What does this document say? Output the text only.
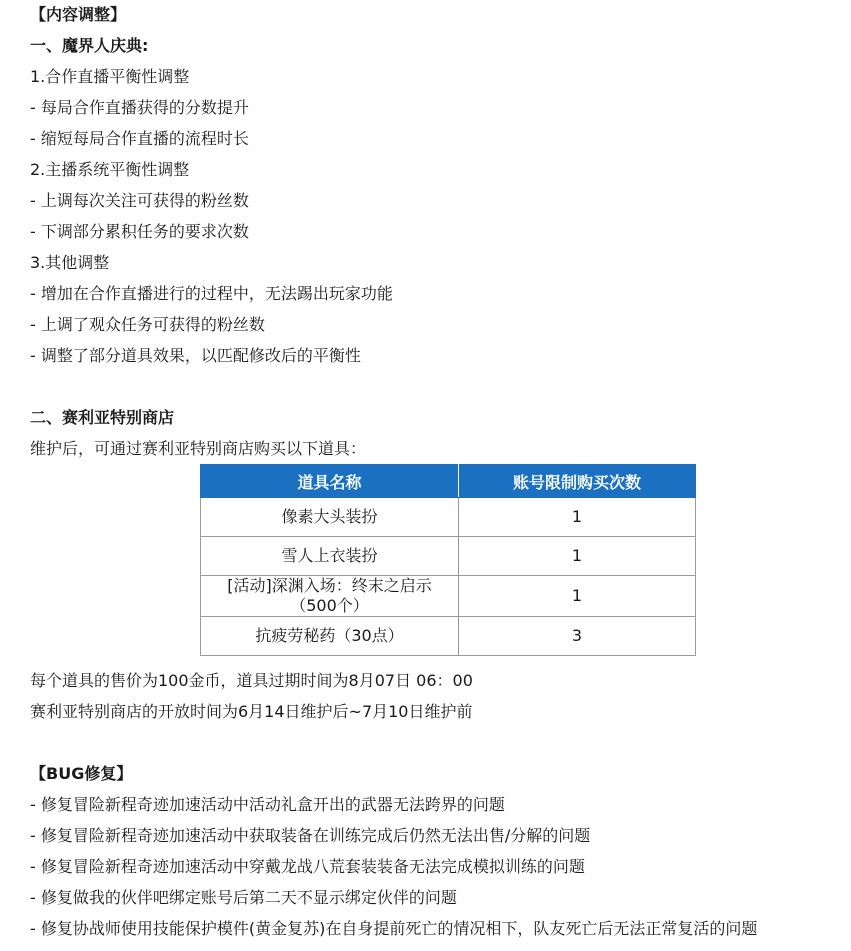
【内容调整】
一、魔界人庆典:
1.合作直播平衡性调整
- 每局合作直播获得的分数提升
- 缩短每局合作直播的流程时长
2.主播系统平衡性调整
- 上调每次关注可获得的粉丝数
- 下调部分累积任务的要求次数
3.其他调整
- 增加在合作直播进行的过程中，无法踢出玩家功能
- 上调了观众任务可获得的粉丝数
- 调整了部分道具效果，以匹配修改后的平衡性
二、赛利亚特别商店
维护后，可通过赛利亚特别商店购买以下道具：
道具名称	账号限制购买次数
像素大头装扮	1
雪人上衣装扮	1
[活动]深渊入场：终末之启示（500个）	1
抗疲劳秘药（30点）	3
每个道具的售价为100金币，道具过期时间为8月07日 06：00
赛利亚特别商店的开放时间为6月14日维护后~7月10日维护前
【BUG修复】
- 修复冒险新程奇迹加速活动中活动礼盒开出的武器无法跨界的问题
- 修复冒险新程奇迹加速活动中获取装备在训练完成后仍然无法出售/分解的问题
- 修复冒险新程奇迹加速活动中穿戴龙战八荒套装装备无法完成模拟训练的问题
- 修复做我的伙伴吧绑定账号后第二天不显示绑定伙伴的问题
- 修复协战师使用技能保护模件(黄金复苏)在自身提前死亡的情况相下，队友死亡后无法正常复活的问题
